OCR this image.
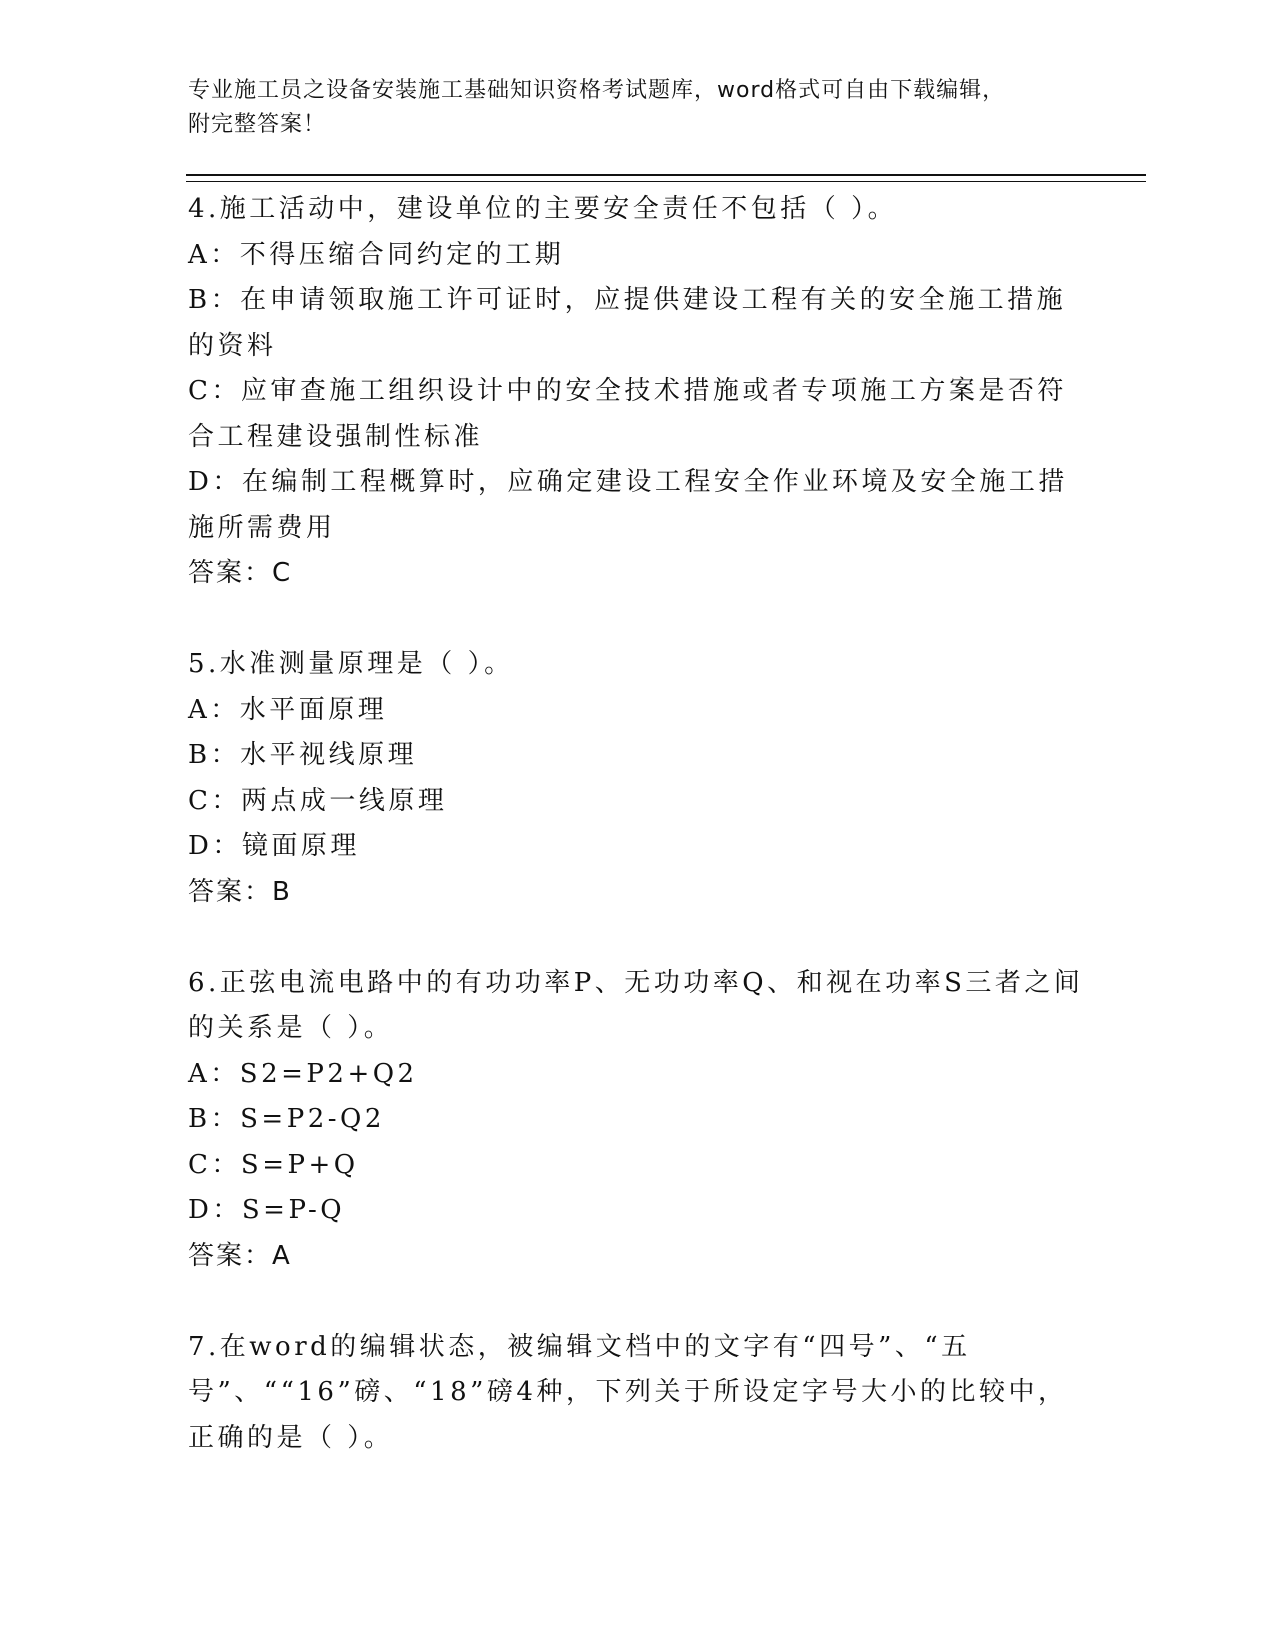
专业施工员之设备安装施工基础知识资格考试题库，word格式可自由下载编辑，
附完整答案！
4.施工活动中，建设单位的主要安全责任不包括（ ）。
A：不得压缩合同约定的工期
B：在申请领取施工许可证时，应提供建设工程有关的安全施工措施的资料
C：应审查施工组织设计中的安全技术措施或者专项施工方案是否符合工程建设强制性标准
D：在编制工程概算时，应确定建设工程安全作业环境及安全施工措施所需费用
答案：C
5.水准测量原理是（ ）。
A：水平面原理
B：水平视线原理
C：两点成一线原理
D：镜面原理
答案：B
6.正弦电流电路中的有功功率P、无功功率Q、和视在功率S三者之间的关系是（ ）。
A：S2=P2+Q2
B：S=P2-Q2
C：S=P+Q
D：S=P-Q
答案：A
7.在word的编辑状态，被编辑文档中的文字有“四号”、“五号”、““16”磅、“18”磅4种，下列关于所设定字号大小的比较中，正确的是（ ）。
